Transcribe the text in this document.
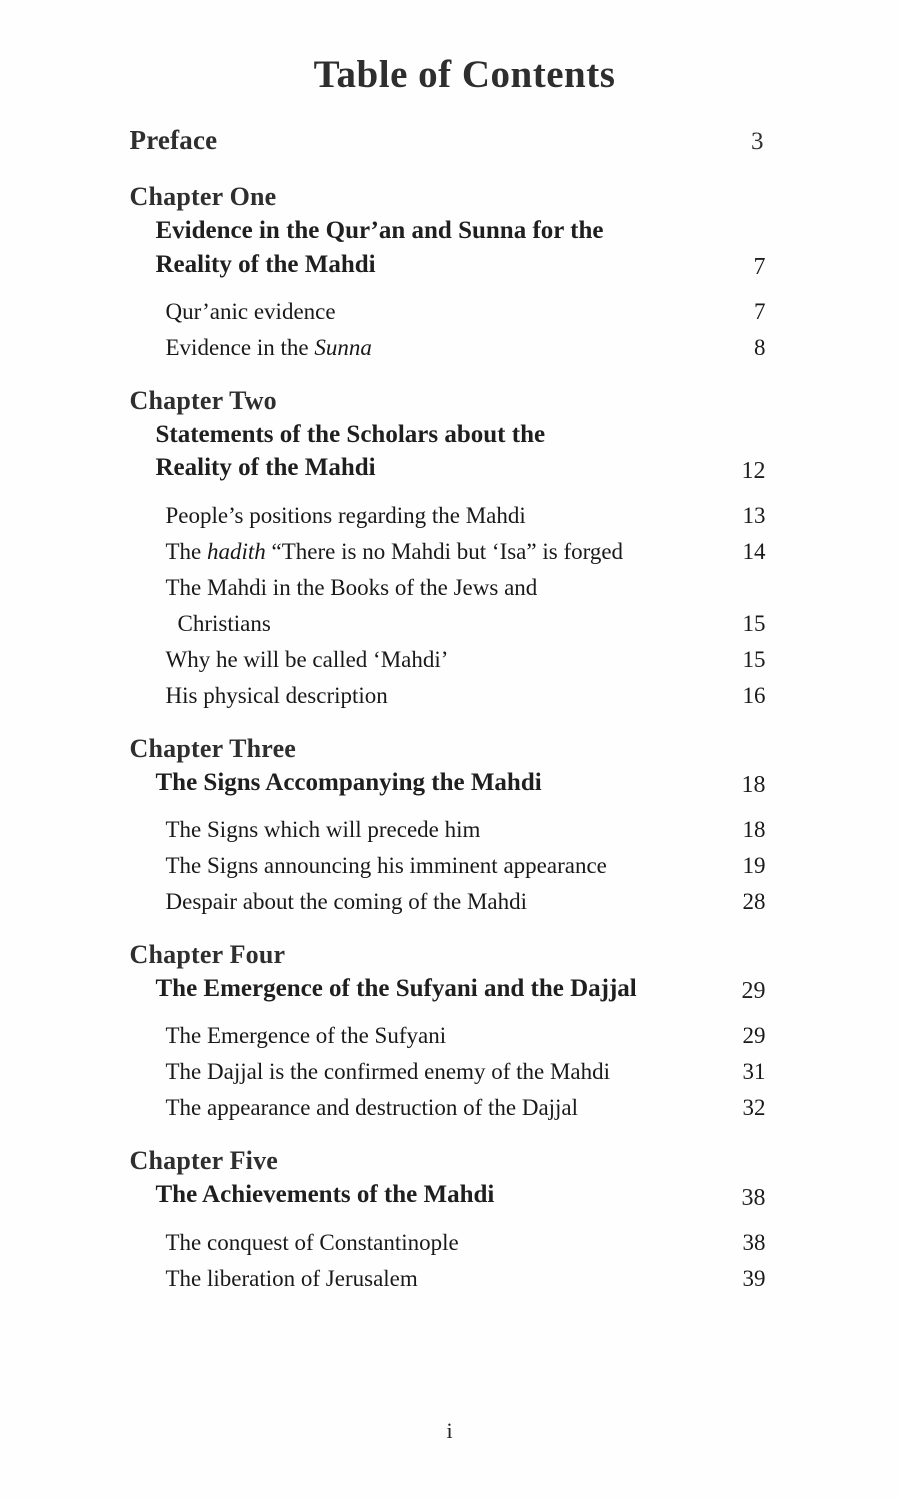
Table of Contents
Preface	3
Chapter One
Evidence in the Qur’an and Sunna for the
Reality of the Mahdi	7
Qur’anic evidence	7
Evidence in the Sunna	8
Chapter Two
Statements of the Scholars about the
Reality of the Mahdi	12
People’s positions regarding the Mahdi	13
The hadith “There is no Mahdi but ‘Isa” is forged	14
The Mahdi in the Books of the Jews and
Christians	15
Why he will be called ‘Mahdi’	15
His physical description	16
Chapter Three
The Signs Accompanying the Mahdi	18
The Signs which will precede him	18
The Signs announcing his imminent appearance	19
Despair about the coming of the Mahdi	28
Chapter Four
The Emergence of the Sufyani and the Dajjal	29
The Emergence of the Sufyani	29
The Dajjal is the confirmed enemy of the Mahdi	31
The appearance and destruction of the Dajjal	32
Chapter Five
The Achievements of the Mahdi	38
The conquest of Constantinople	38
The liberation of Jerusalem	39
i
